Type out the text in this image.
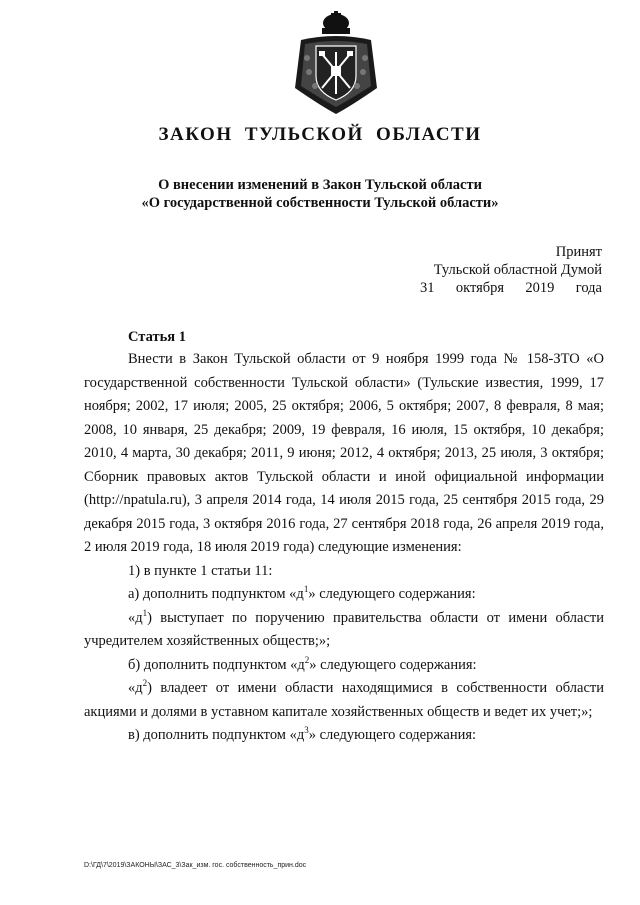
ЗАКОН ТУЛЬСКОЙ ОБЛАСТИ
О внесении изменений в Закон Тульской области
«О государственной собственности Тульской области»
Принят
Тульской областной Думой
31 октября 2019 года
Статья 1

Внести в Закон Тульской области от 9 ноября 1999 года № 158-ЗТО «О государственной собственности Тульской области» (Тульские известия, 1999, 17 ноября; 2002, 17 июля; 2005, 25 октября; 2006, 5 октября; 2007, 8 февраля, 8 мая; 2008, 10 января, 25 декабря; 2009, 19 февраля, 16 июля, 15 октября, 10 декабря; 2010, 4 марта, 30 декабря; 2011, 9 июня; 2012, 4 октября; 2013, 25 июля, 3 октября; Сборник правовых актов Тульской области и иной официальной информации (http://npatula.ru), 3 апреля 2014 года, 14 июля 2015 года, 25 сентября 2015 года, 29 декабря 2015 года, 3 октября 2016 года, 27 сентября 2018 года, 26 апреля 2019 года, 2 июля 2019 года, 18 июля 2019 года) следующие изменения:

1) в пункте 1 статьи 11:

а) дополнить подпунктом «$д^1$» следующего содержания:

«$д^1$) выступает по поручению правительства области от имени области учредителем хозяйственных обществ;»;

б) дополнить подпунктом «$д^2$» следующего содержания:

«$д^2$) владеет от имени области находящимися в собственности области акциями и долями в уставном капитале хозяйственных обществ и ведет их учет;»;

в) дополнить подпунктом «$д^3$» следующего содержания:

D:\ГД\7\2019\ЗАКОНЫ\ЗАС_3\Зак_изм. гос. собственность_прин.doc
